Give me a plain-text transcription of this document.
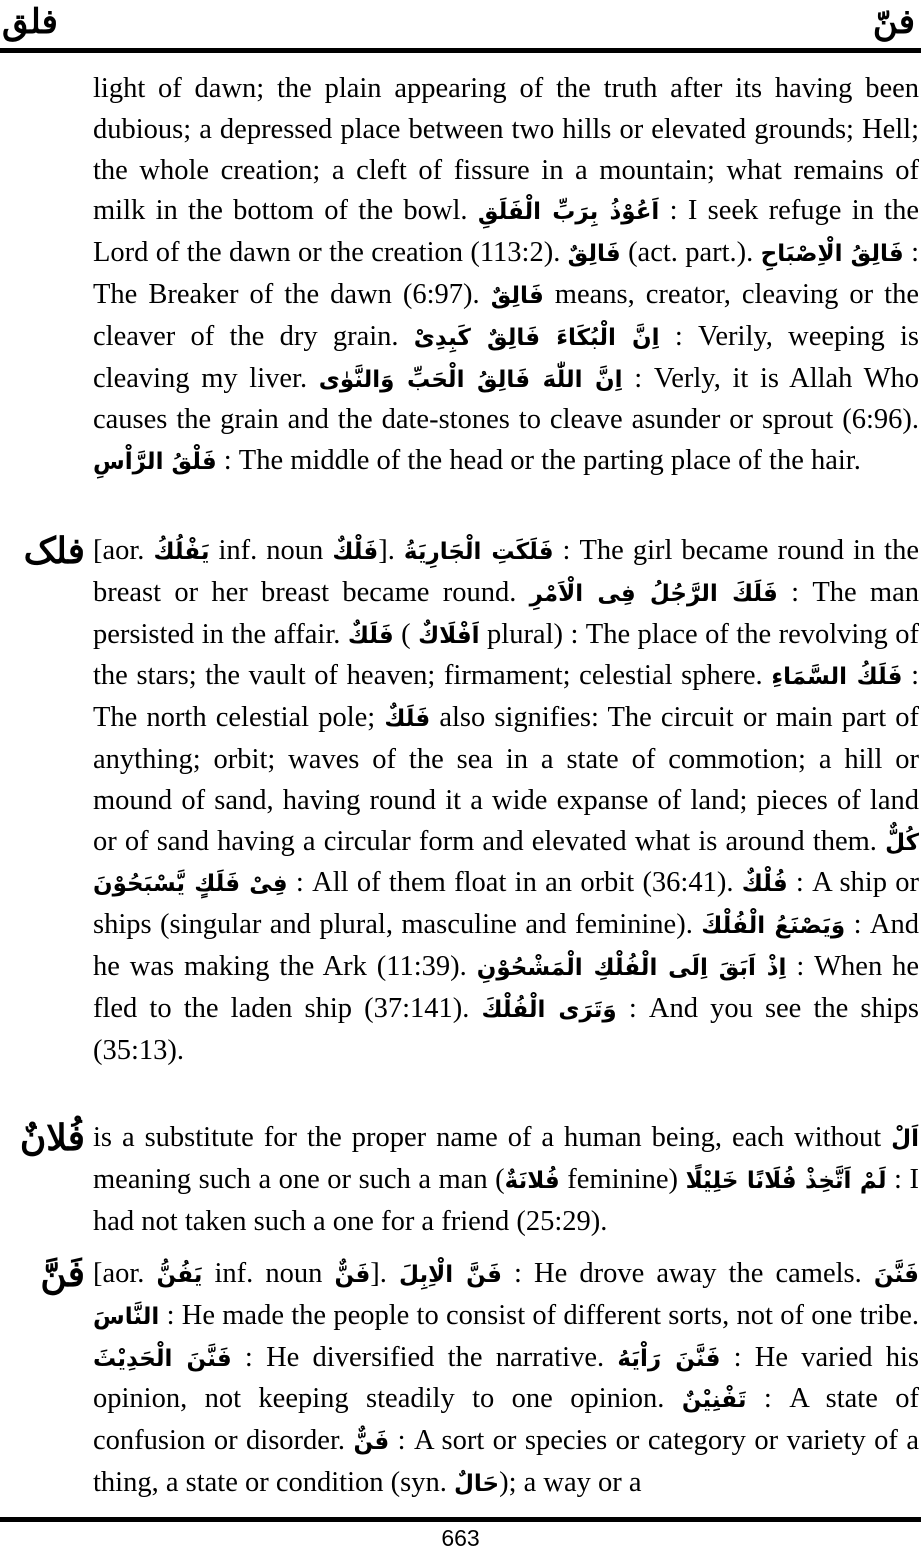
فلق	فنّ

light of dawn; the plain appearing of the truth after its having been dubious; a depressed place between two hills or elevated grounds; Hell; the whole creation; a cleft of fissure in a mountain; what remains of milk in the bottom of the bowl. اَعُوْذُ بِرَبِّ الْفَلَقِ : I seek refuge in the Lord of the dawn or the creation (113:2). فَالِقٌ (act. part.). فَالِقُ الْاِصْبَاحِ : The Breaker of the dawn (6:97). فَالِقٌ means, creator, cleaving or the cleaver of the dry grain. اِنَّ الْبُكَاءَ فَالِقٌ كَبِدِىْ : Verily, weeping is cleaving my liver. اِنَّ اللّٰهَ فَالِقُ الْحَبِّ وَالنَّوٰى : Verly, it is Allah Who causes the grain and the date-stones to cleave asunder or sprout (6:96). فَلْقُ الرَّاْسِ : The middle of the head or the parting place of the hair.

فلک [aor. يَفْلُكُ inf. noun فَلْكٌ]. فَلَكَتِ الْجَارِيَةُ : The girl became round in the breast or her breast became round. فَلَكَ الرَّجُلُ فِى الْاَمْرِ : The man persisted in the affair. فَلَكٌ ( اَفْلَاكٌ plural) : The place of the revolving of the stars; the vault of heaven; firmament; celestial sphere. فَلَكُ السَّمَاءِ : The north celestial pole; فَلَكٌ also signifies: The circuit or main part of anything; orbit; waves of the sea in a state of commotion; a hill or mound of sand, having round it a wide expanse of land; pieces of land or of sand having a circular form and elevated what is around them. كُلٌّ فِىْ فَلَكٍ يَّسْبَحُوْنَ : All of them float in an orbit (36:41). فُلْكٌ : A ship or ships (singular and plural, masculine and feminine). وَيَصْنَعُ الْفُلْكَ : And he was making the Ark (11:39). اِذْ اَبَقَ اِلَى الْفُلْكِ الْمَشْحُوْنِ : When he fled to the laden ship (37:141). وَتَرَى الْفُلْكَ : And you see the ships (35:13).

فُلانٌ is a substitute for the proper name of a human being, each without اَلْ meaning such a one or such a man (فُلانَةٌ feminine) لَمْ اَتَّخِذْ فُلَانًا خَلِيْلًا : I had not taken such a one for a friend (25:29).

فَنَّ [aor. يَفُنُّ inf. noun فَنٌّ]. فَنَّ الْاِبِلَ : He drove away the camels. فَنَّنَ النَّاسَ : He made the people to consist of different sorts, not of one tribe. فَنَّنَ الْحَدِيْثَ : He diversified the narrative. فَنَّنَ رَاْيَهُ : He varied his opinion, not keeping steadily to one opinion. تَفْنِيْنٌ : A state of confusion or disorder. فَنٌّ : A sort or species or category or variety of a thing, a state or condition (syn. حَالٌ); a way or a

663
